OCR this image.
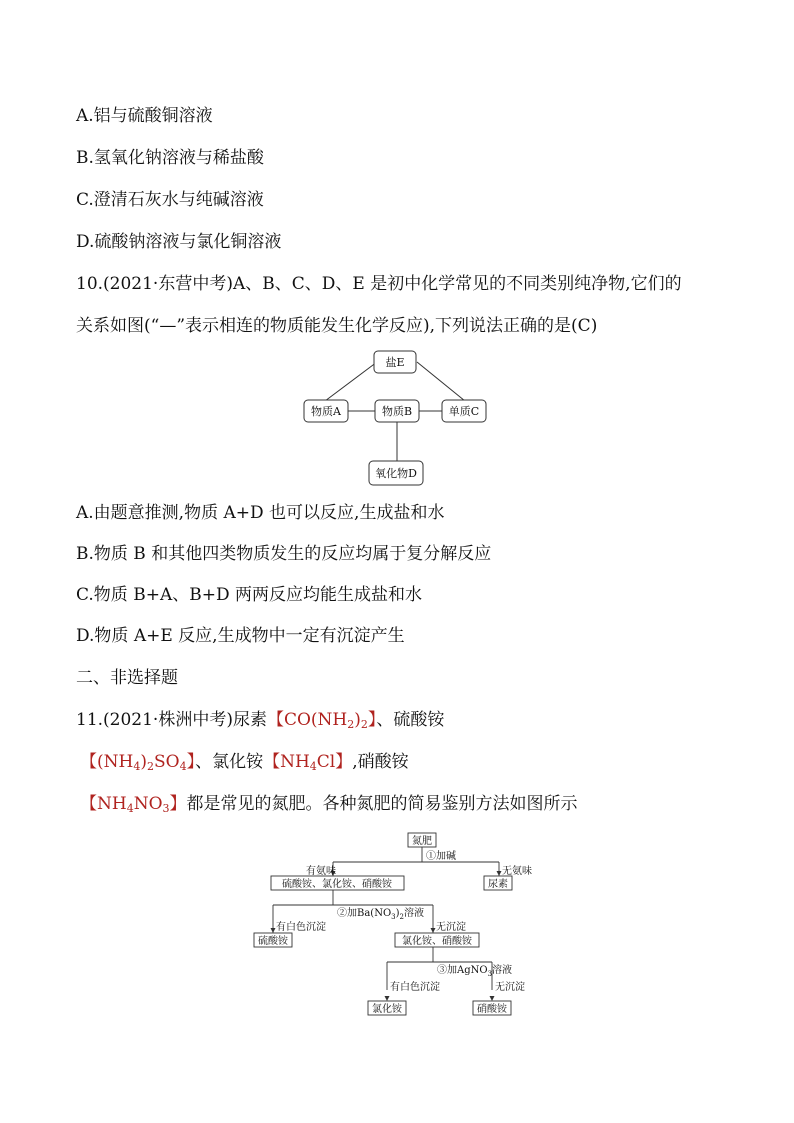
A.铝与硫酸铜溶液
B.氢氧化钠溶液与稀盐酸
C.澄清石灰水与纯碱溶液
D.硫酸钠溶液与氯化铜溶液
10.(2021·东营中考)A、B、C、D、E 是初中化学常见的不同类别纯净物,它们的
关系如图(“—”表示相连的物质能发生化学反应),下列说法正确的是(C)
盐E
物质A	物质B	单质C
氧化物D
A.由题意推测,物质 A+D 也可以反应,生成盐和水
B.物质 B 和其他四类物质发生的反应均属于复分解反应
C.物质 B+A、B+D 两两反应均能生成盐和水
D.物质 A+E 反应,生成物中一定有沉淀产生
二、非选择题
11.(2021·株洲中考)尿素【$CO(NH_2)_2$】、硫酸铵
【$(NH_4)_2SO_4$】、氯化铵【$NH_4Cl$】,硝酸铵
【$NH_4NO_3$】都是常见的氮肥。各种氮肥的简易鉴别方法如图所示
氮肥
①加碱
有氨味	无氨味
硫酸铵、氯化铵、硝酸铵	尿素
②加$Ba(NO_3)_2$溶液
有白色沉淀	无沉淀
硫酸铵	氯化铵、硝酸铵
③加AgNO$_3$溶液
有白色沉淀	无沉淀
氯化铵	硝酸铵
